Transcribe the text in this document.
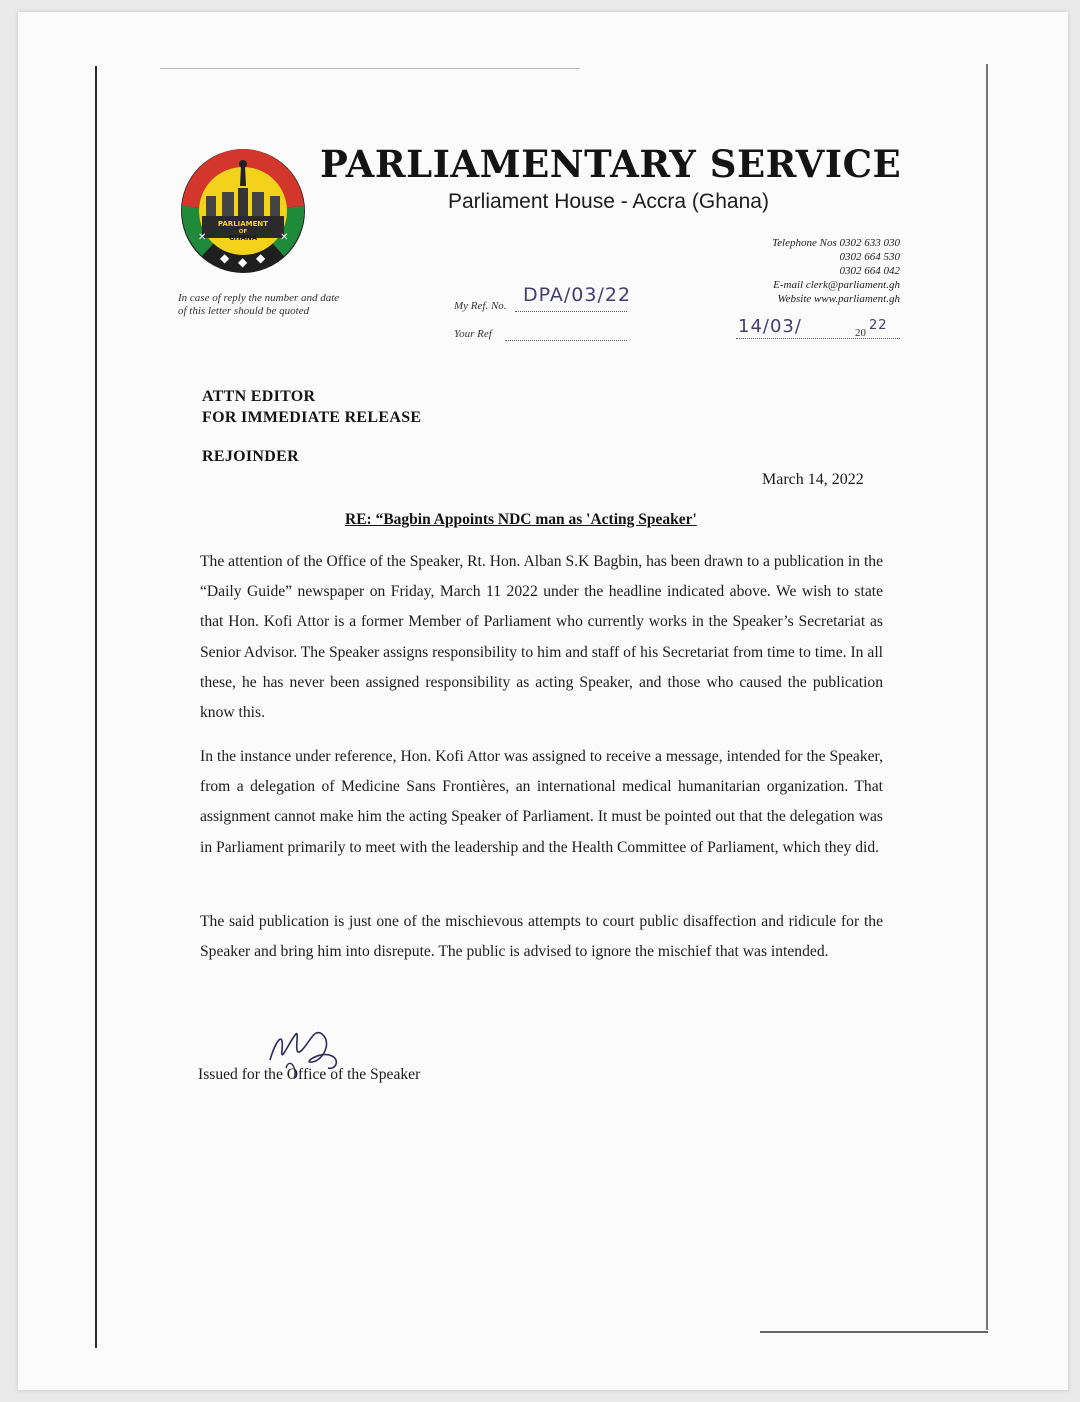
PARLIAMENT
OF
GHANA
◆ ◆ ◆
✕	✕
PARLIAMENTARY SERVICE
Parliament House - Accra (Ghana)
Telephone Nos 0302 633 030
0302 664 530
0302 664 042
E-mail clerk@parliament.gh
Website www.parliament.gh
In case of reply the number and date of this letter should be quoted	My Ref. No. DPA/03/22
Your Ref	14/03/	20 22
ATTN EDITOR
FOR IMMEDIATE RELEASE
REJOINDER
March 14, 2022
RE: “Bagbin Appoints NDC man as 'Acting Speaker'
The attention of the Office of the Speaker, Rt. Hon. Alban S.K Bagbin, has been drawn to a publication in the “Daily Guide” newspaper on Friday, March 11 2022 under the headline indicated above. We wish to state that Hon. Kofi Attor is a former Member of Parliament who currently works in the Speaker’s Secretariat as Senior Advisor. The Speaker assigns responsibility to him and staff of his Secretariat from time to time. In all these, he has never been assigned responsibility as acting Speaker, and those who caused the publication know this.
In the instance under reference, Hon. Kofi Attor was assigned to receive a message, intended for the Speaker, from a delegation of Medicine Sans Frontières, an international medical humanitarian organization. That assignment cannot make him the acting Speaker of Parliament. It must be pointed out that the delegation was in Parliament primarily to meet with the leadership and the Health Committee of Parliament, which they did.
The said publication is just one of the mischievous attempts to court public disaffection and ridicule for the Speaker and bring him into disrepute. The public is advised to ignore the mischief that was intended.
Issued for the Office of the Speaker
